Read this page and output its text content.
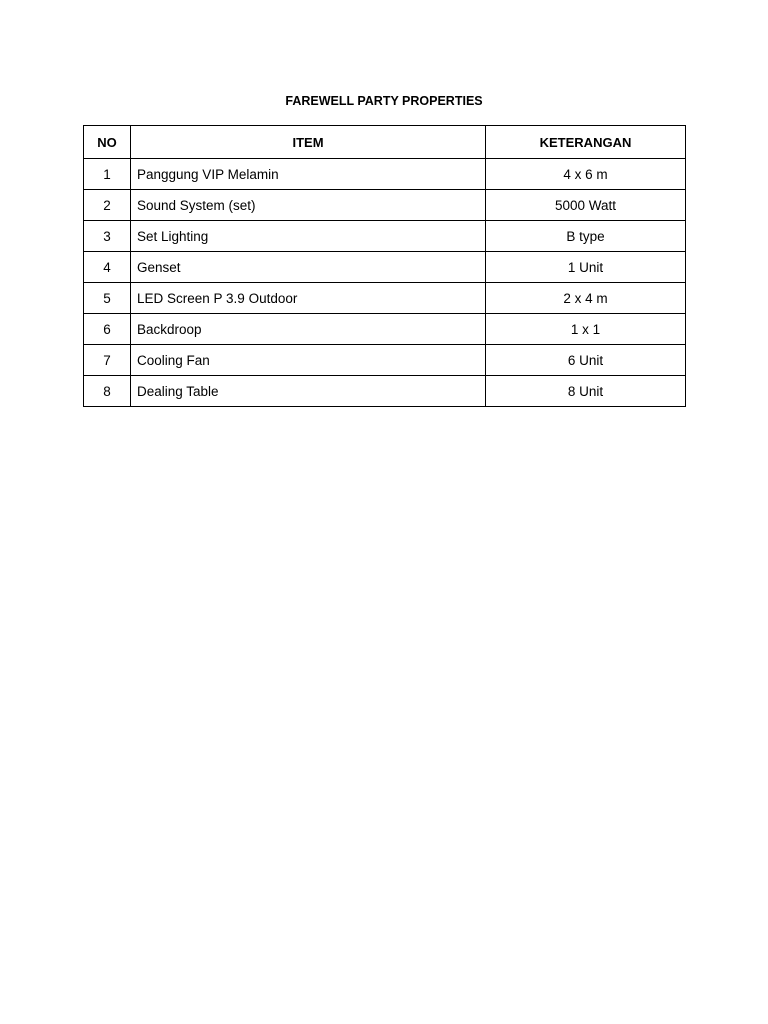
FAREWELL PARTY PROPERTIES
NO	ITEM	KETERANGAN
1	Panggung VIP Melamin	4 x 6 m
2	Sound System (set)	5000 Watt
3	Set Lighting	B type
4	Genset	1 Unit
5	LED Screen P 3.9 Outdoor	2 x 4 m
6	Backdroop	1 x 1
7	Cooling Fan	6 Unit
8	Dealing Table	8 Unit
